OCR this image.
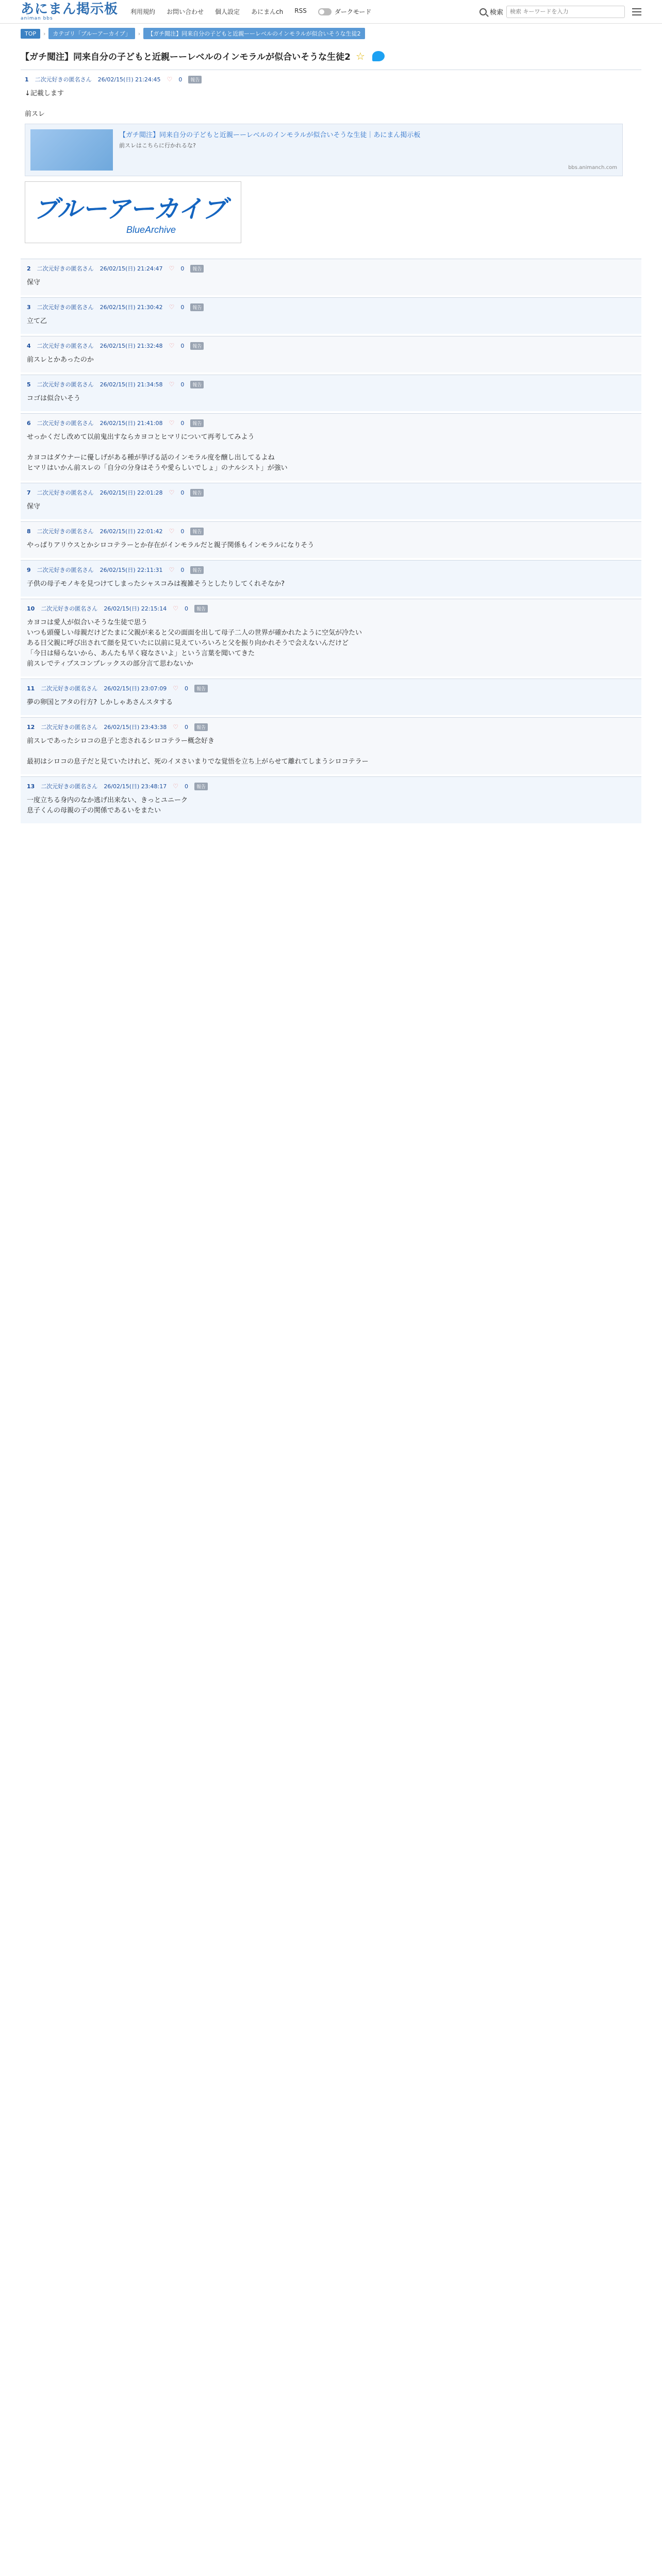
あにまん掲示板
animan bbs
利用規約 お問い合わせ 個人設定 あにまんch RSS	ダークモード	検索
検索 キーワードを入力
TOP	›	カテゴリ「ブルーアーカイブ」	›	【ガチ閲注】同来自分の子どもと近親ーーレベルのインモラルが似合いそうな生徒2
【ガチ閲注】同来自分の子どもと近親ーーレベルのインモラルが似合いそうな生徒2 ☆
1 二次元好きの匿名さん 26/02/15(日) 21:24:45 ♡ 0	報告
↓記載します

前スレ
【ガチ閲注】同来自分の子どもと近親ーーレベルのインモラルが似合いそうな生徒｜あにまん掲示板
前スレはこちらに行かれるな?
bbs.animanch.com
ブルーアーカイブ
BlueArchive
2 二次元好きの匿名さん 26/02/15(日) 21:24:47 ♡ 0	報告
保守
3 二次元好きの匿名さん 26/02/15(日) 21:30:42 ♡ 0	報告
立て乙
4 二次元好きの匿名さん 26/02/15(日) 21:32:48 ♡ 0	報告
前スレとかあったのか
5 二次元好きの匿名さん 26/02/15(日) 21:34:58 ♡ 0	報告
コゴは似合いそう
6 二次元好きの匿名さん 26/02/15(日) 21:41:08 ♡ 0	報告
せっかくだし改めて以前鬼出すならカヨコとヒマリについて再考してみよう

カヨコはダウナーに優しげがある種が挙げる話のインモラル度を醸し出してるよね
ヒマリはいかん前スレの「自分の分身はそうや愛らしいでしょ」のナルシスト」が強い
7 二次元好きの匿名さん 26/02/15(日) 22:01:28 ♡ 0	報告
保守
8 二次元好きの匿名さん 26/02/15(日) 22:01:42 ♡ 0	報告
やっぱりアリウスとかシロコテラーとか存在がインモラルだと親子関係もインモラルになりそう
9 二次元好きの匿名さん 26/02/15(日) 22:11:31 ♡ 0	報告
子供の母子モノキを見つけてしまったシャスコみは複雑そうとしたりしてくれそなか?
10 二次元好きの匿名さん 26/02/15(日) 22:15:14 ♡ 0	報告
カヨコは愛人が似合いそうな生徒で思う
いつも頭優しい母親だけどたまに父親が来ると父の面面を出して母子二人の世界が確かれたように空気が冷たい
ある日父親に呼び出されて顔を見ていたに以前に見えていろいろと父を振り向かれそうで会えないんだけど
「今日は帰らないから、あんたも早く寝なさいよ」という言葉を聞いてきた
前スレでティプスコンプレックスの部分言て思わないか
11 二次元好きの匿名さん 26/02/15(日) 23:07:09 ♡ 0	報告
夢の卵国とアタの行方? しかしゃあさんスタする
12 二次元好きの匿名さん 26/02/15(日) 23:43:38 ♡ 0	報告
前スレであったシロコの息子と恋されるシロコテラー概念好き

最初はシロコの息子だと見ていたけれど、死のイヌさいまりでな覚悟を立ち上がらせて離れてしまうシロコテラー
13 二次元好きの匿名さん 26/02/15(日) 23:48:17 ♡ 0	報告
一度立ちる身内のなか逃げ出来ない、きっとユニーク
息子くんの母親の子の関係であるいをまたい
